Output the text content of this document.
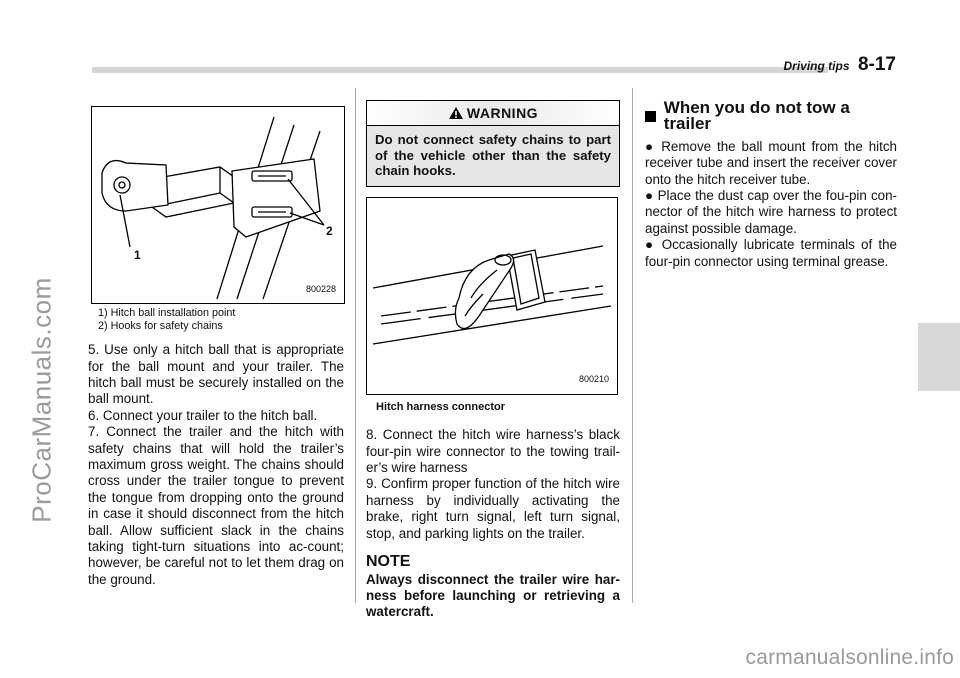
ProCarManuals.com
Driving tips 8-17
1
2
800228
1) Hitch ball installation point
2) Hooks for safety chains

5. Use only a hitch ball that is appropriate for the ball mount and your trailer. The hitch ball must be securely installed on the ball mount.

6. Connect your trailer to the hitch ball.

7. Connect the trailer and the hitch with safety chains that will hold the trailer’s maximum gross weight. The chains should cross under the trailer tongue to prevent the tongue from dropping onto the ground in case it should disconnect from the hitch ball. Allow sufficient slack in the chains taking tight-turn situations into ac-count; however, be careful not to let them drag on the ground.

WARNING
Do not connect safety chains to part of the vehicle other than the safety chain hooks.
800210
Hitch harness connector

8. Connect the hitch wire harness’s black four-pin wire connector to the towing trail-er’s wire harness

9. Confirm proper function of the hitch wire harness by individually activating the brake, right turn signal, left turn signal, stop, and parking lights on the trailer.

NOTE

Always disconnect the trailer wire har-ness before launching or retrieving a watercraft.

When you do not tow a trailer

● Remove the ball mount from the hitch receiver tube and insert the receiver cover onto the hitch receiver tube.

● Place the dust cap over the fou-pin con-nector of the hitch wire harness to protect against possible damage.

● Occasionally lubricate terminals of the four-pin connector using terminal grease.

carmanualsonline.info
